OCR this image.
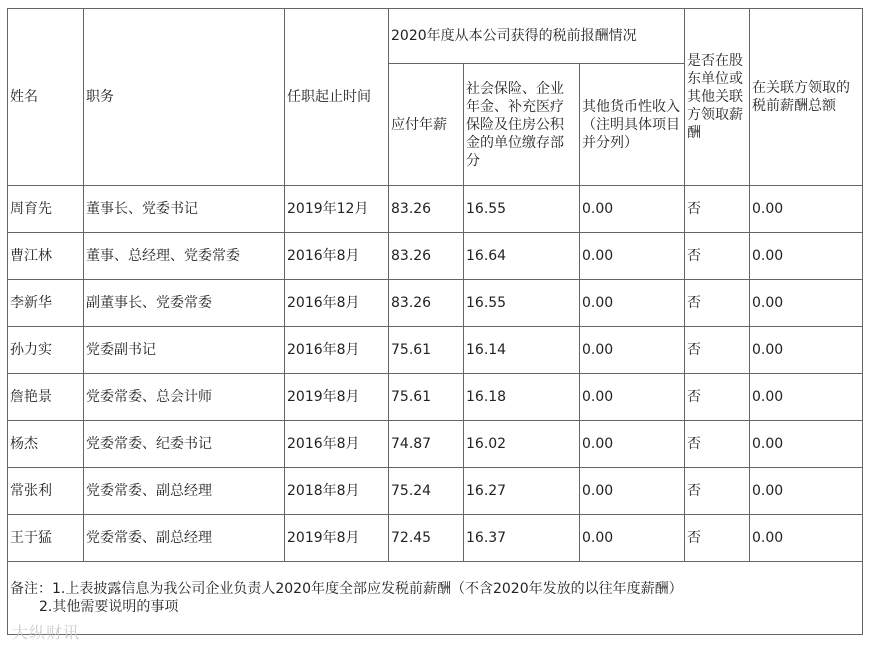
姓名	职务	任职起止时间	2020年度从本公司获得的税前报酬情况			是否在股东单位或其他关联方领取薪酬	在关联方领取的税前薪酬总额
			应付年薪	社会保险、企业年金、补充医疗保险及住房公积金的单位缴存部分	其他货币性收入
（注明具体项目并分列）		
周育先	董事长、党委书记	2019年12月	83.26	16.55	0.00	否	0.00
曹江林	董事、总经理、党委常委	2016年8月	83.26	16.64	0.00	否	0.00
李新华	副董事长、党委常委	2016年8月	83.26	16.55	0.00	否	0.00
孙力实	党委副书记	2016年8月	75.61	16.14	0.00	否	0.00
詹艳景	党委常委、总会计师	2019年8月	75.61	16.18	0.00	否	0.00
杨杰	党委常委、纪委书记	2016年8月	74.87	16.02	0.00	否	0.00
常张利	党委常委、副总经理	2018年8月	75.24	16.27	0.00	否	0.00
王于猛	党委常委、副总经理	2019年8月	72.45	16.37	0.00	否	0.00
备注：1.上表披露信息为我公司企业负责人2020年度全部应发税前薪酬（不含2020年发放的以往年度薪酬）

2.其他需要说明的事项							
大纵财讯
